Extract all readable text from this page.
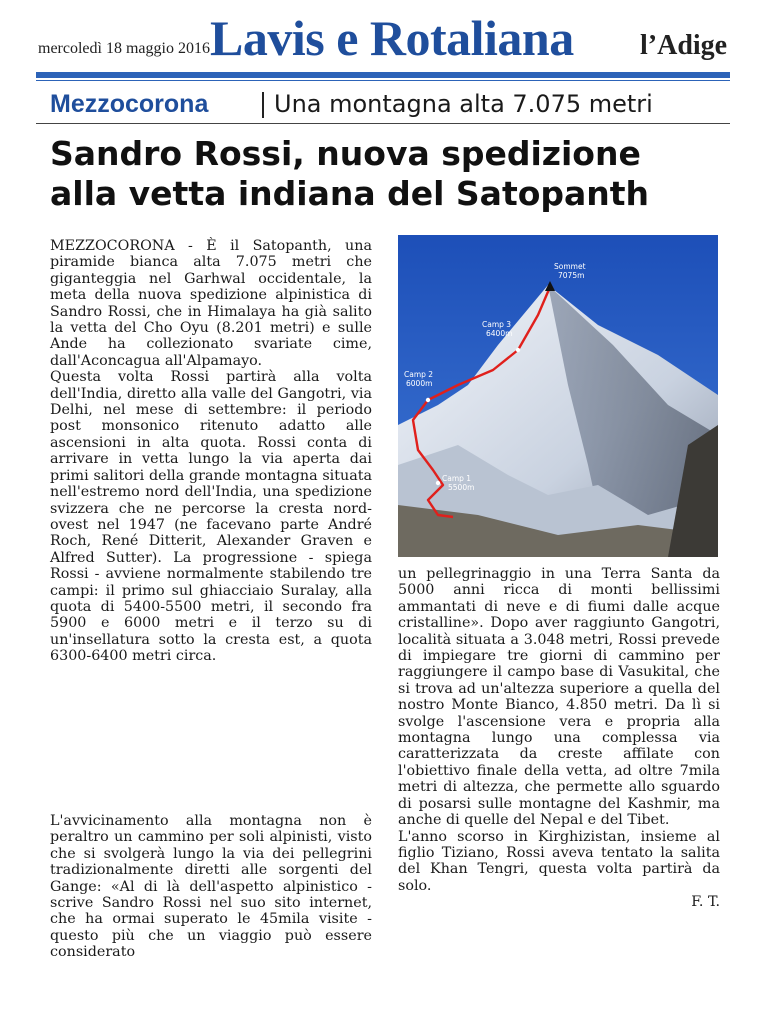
mercoledì 18 maggio 2016 Lavis e Rotaliana l’Adige
Mezzocorona	Una montagna alta 7.075 metri
Sandro Rossi, nuova spedizione
alla vetta indiana del Satopanth

MEZZOCORONA - È il Satopanth, una piramide bianca alta 7.075 metri che giganteggia nel Garhwal occidentale, la meta della nuova spedizione alpinistica di Sandro Rossi, che in Himalaya ha già salito la vetta del Cho Oyu (8.201 metri) e sulle Ande ha collezionato svariate cime, dall'Aconcagua all'Alpamayo.

Questa volta Rossi partirà alla volta dell'India, diretto alla valle del Gangotri, via Delhi, nel mese di settembre: il periodo post monsonico ritenuto adatto alle ascensioni in alta quota. Rossi conta di arrivare in vetta lungo la via aperta dai primi salitori della grande montagna situata nell'estremo nord dell'India, una spedizione svizzera che ne percorse la cresta nord-ovest nel 1947 (ne facevano parte André Roch, René Ditterit, Alexander Graven e Alfred Sutter). La progressione - spiega Rossi - avviene normalmente stabilendo tre campi: il primo sul ghiacciaio Suralay, alla quota di 5400-5500 metri, il secondo fra 5900 e 6000 metri e il terzo su di un'insellatura sotto la cresta est, a quota 6300-6400 metri circa.

L'avvicinamento alla montagna non è peraltro un cammino per soli alpinisti, visto che si svolgerà lungo la via dei pellegrini tradizionalmente diretti alle sorgenti del Gange: «Al di là dell'aspetto alpinistico - scrive Sandro Rossi nel suo sito internet, che ha ormai superato le 45mila visite - questo più che un viaggio può essere considerato

Sommet
7075m
Camp 3
6400m
Camp 2
6000m
Camp 1
5500m

un pellegrinaggio in una Terra Santa da 5000 anni ricca di monti bellissimi ammantati di neve e di fiumi dalle acque cristalline». Dopo aver raggiunto Gangotri, località situata a 3.048 metri, Rossi prevede di impiegare tre giorni di cammino per raggiungere il campo base di Vasukital, che si trova ad un'altezza superiore a quella del nostro Monte Bianco, 4.850 metri. Da lì si svolge l'ascensione vera e propria alla montagna lungo una complessa via caratterizzata da creste affilate con l'obiettivo finale della vetta, ad oltre 7mila metri di altezza, che permette allo sguardo di posarsi sulle montagne del Kashmir, ma anche di quelle del Nepal e del Tibet.

L'anno scorso in Kirghizistan, insieme al figlio Tiziano, Rossi aveva tentato la salita del Khan Tengri, questa volta partirà da solo.

F. T.
